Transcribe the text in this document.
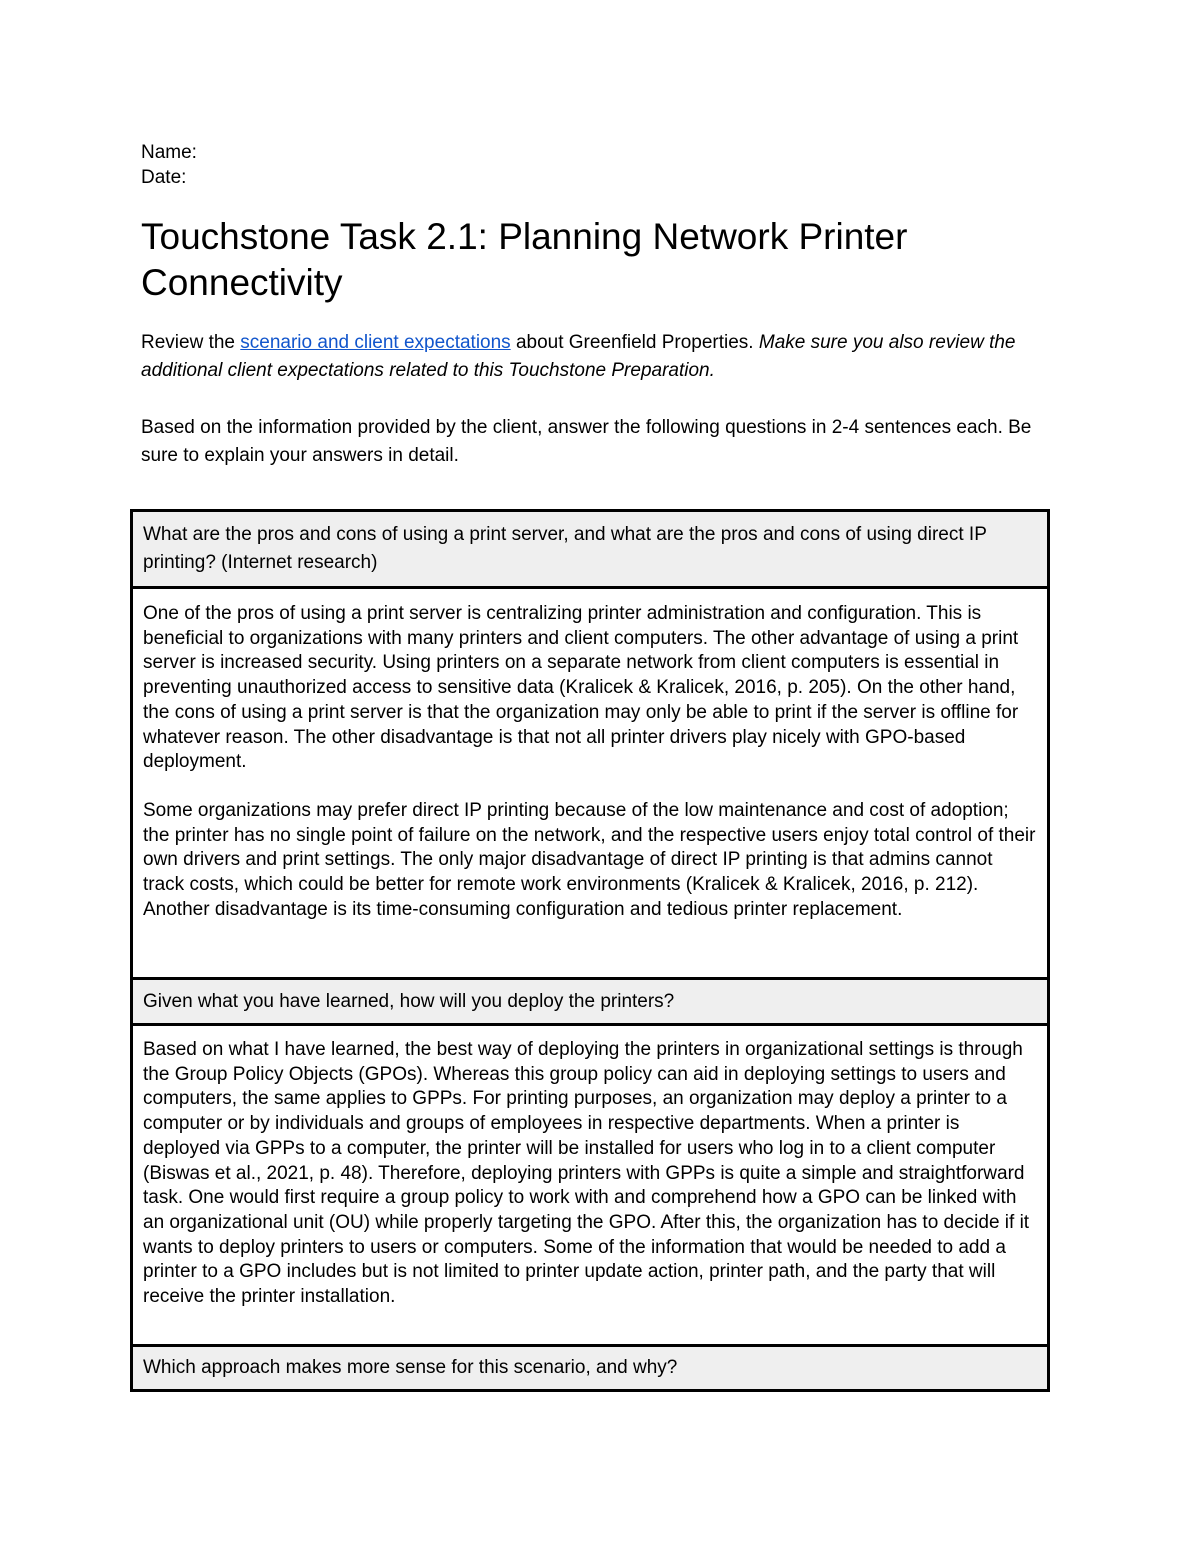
Name:

Date:

Touchstone Task 2.1: Planning Network Printer Connectivity

Review the scenario and client expectations about Greenfield Properties. Make sure you also review the additional client expectations related to this Touchstone Preparation.

Based on the information provided by the client, answer the following questions in 2-4 sentences each. Be sure to explain your answers in detail.

What are the pros and cons of using a print server, and what are the pros and cons of using direct IP printing? (Internet research)

One of the pros of using a print server is centralizing printer administration and configuration. This is beneficial to organizations with many printers and client computers. The other advantage of using a print server is increased security. Using printers on a separate network from client computers is essential in preventing unauthorized access to sensitive data (Kralicek & Kralicek, 2016, p. 205). On the other hand, the cons of using a print server is that the organization may only be able to print if the server is offline for whatever reason. The other disadvantage is that not all printer drivers play nicely with GPO-based deployment.

Some organizations may prefer direct IP printing because of the low maintenance and cost of adoption; the printer has no single point of failure on the network, and the respective users enjoy total control of their own drivers and print settings. The only major disadvantage of direct IP printing is that admins cannot track costs, which could be better for remote work environments (Kralicek & Kralicek, 2016, p. 212). Another disadvantage is its time-consuming configuration and tedious printer replacement.

Given what you have learned, how will you deploy the printers?

Based on what I have learned, the best way of deploying the printers in organizational settings is through the Group Policy Objects (GPOs). Whereas this group policy can aid in deploying settings to users and computers, the same applies to GPPs. For printing purposes, an organization may deploy a printer to a computer or by individuals and groups of employees in respective departments. When a printer is deployed via GPPs to a computer, the printer will be installed for users who log in to a client computer (Biswas et al., 2021, p. 48). Therefore, deploying printers with GPPs is quite a simple and straightforward task. One would first require a group policy to work with and comprehend how a GPO can be linked with an organizational unit (OU) while properly targeting the GPO. After this, the organization has to decide if it wants to deploy printers to users or computers. Some of the information that would be needed to add a printer to a GPO includes but is not limited to printer update action, printer path, and the party that will receive the printer installation.

Which approach makes more sense for this scenario, and why?
